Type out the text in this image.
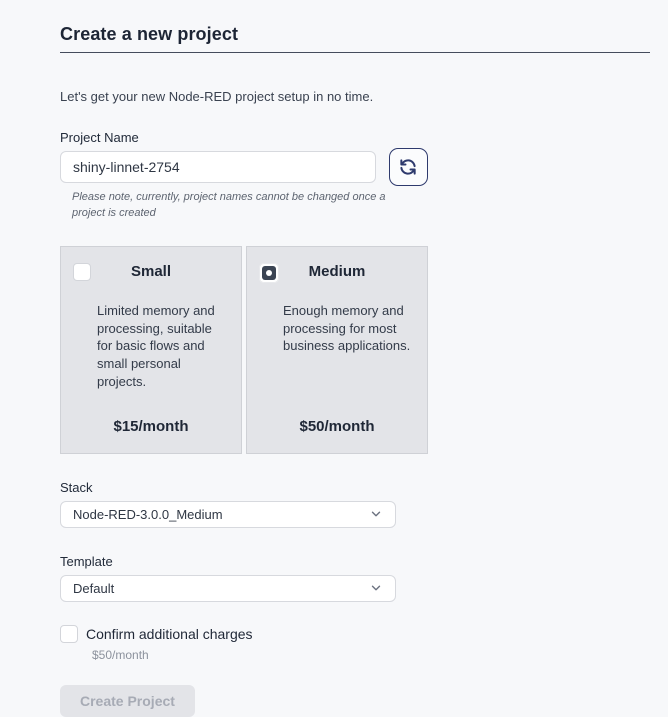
Create a new project
Let's get your new Node-RED project setup in no time.
Project Name
shiny-linnet-2754
Please note, currently, project names cannot be changed once a project is created
Small
Limited memory and processing, suitable for basic flows and small personal projects.
$15/month
Medium
Enough memory and processing for most business applications.
$50/month
Stack
Node-RED-3.0.0_Medium
Template
Default
Confirm additional charges
$50/month
Create Project
